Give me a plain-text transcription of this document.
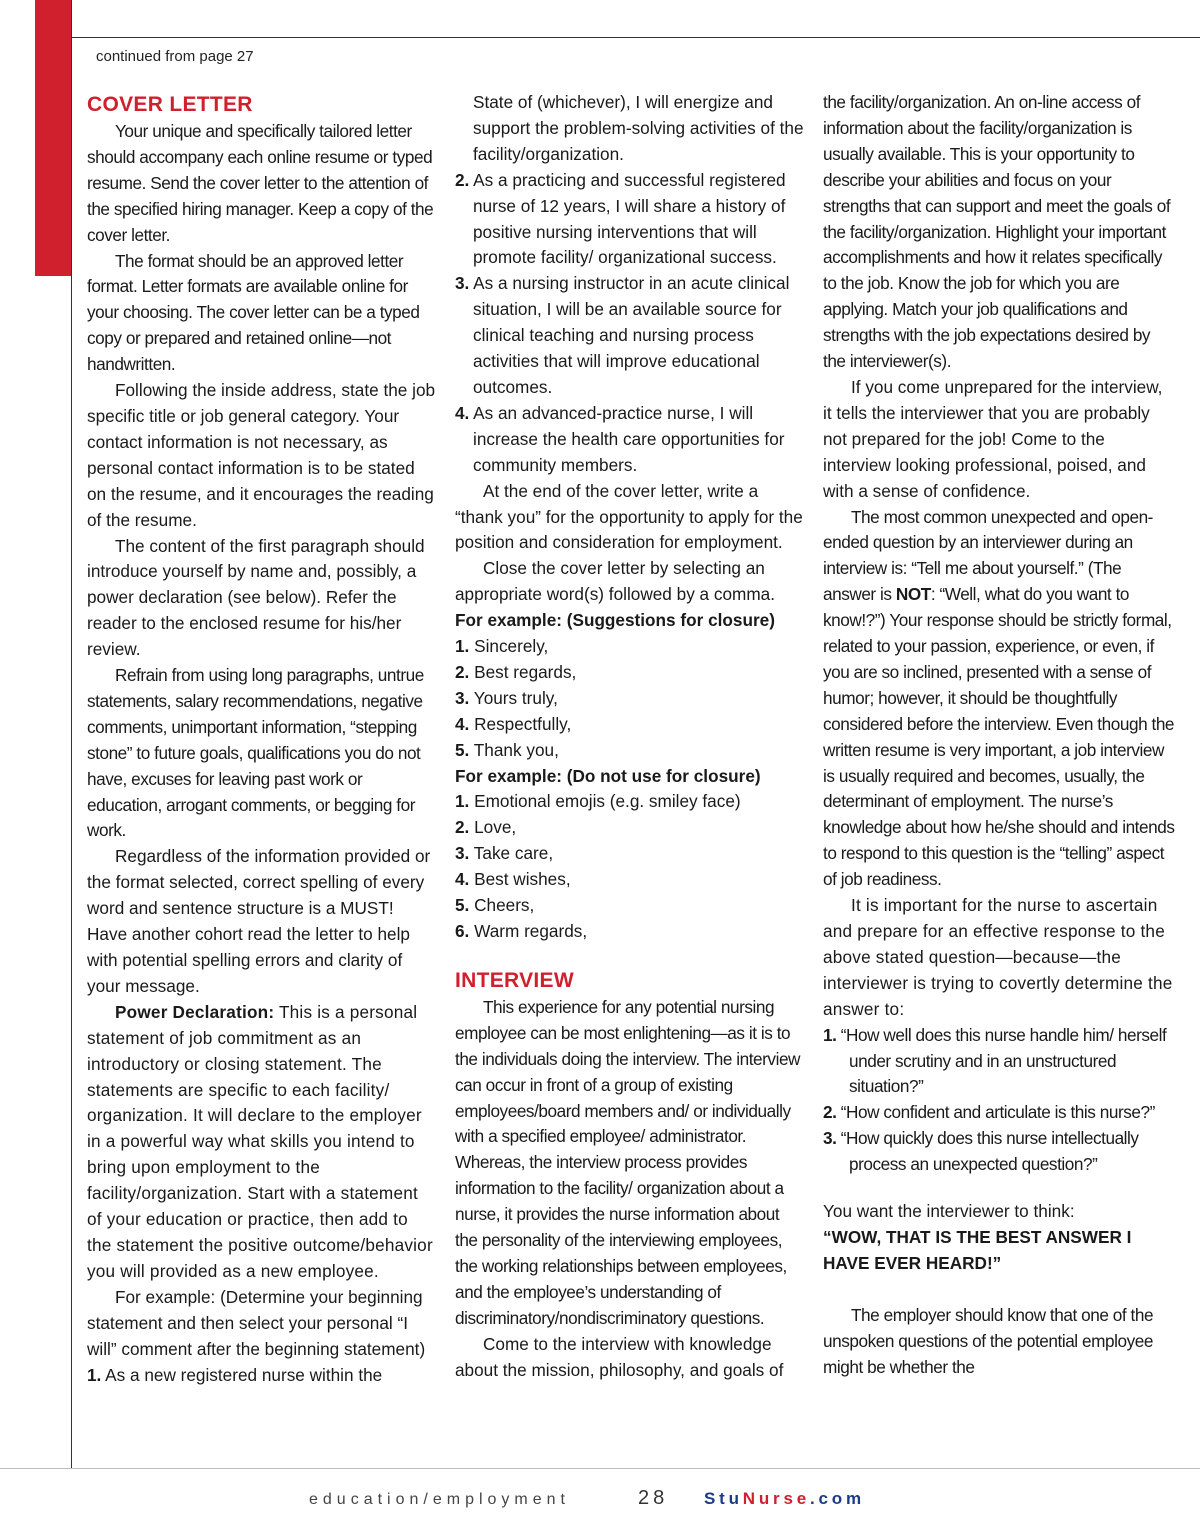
continued from page 27
COVER LETTER

Your unique and specifically tailored letter should accompany each online resume or typed resume. Send the cover letter to the attention of the specified hiring manager. Keep a copy of the cover letter.

The format should be an approved letter format. Letter formats are available online for your choosing. The cover letter can be a typed copy or prepared and retained online—not handwritten.

Following the inside address, state the job specific title or job general category. Your contact information is not necessary, as personal contact information is to be stated on the resume, and it encourages the reading of the resume.

The content of the first paragraph should introduce yourself by name and, possibly, a power declaration (see below). Refer the reader to the enclosed resume for his/her review.

Refrain from using long paragraphs, untrue statements, salary recommendations, negative comments, unimportant information, “stepping stone” to future goals, qualifications you do not have, excuses for leaving past work or education, arrogant comments, or begging for work.

Regardless of the information provided or the format selected, correct spelling of every word and sentence structure is a MUST! Have another cohort read the letter to help with potential spelling errors and clarity of your message.

Power Declaration: This is a personal statement of job commitment as an introductory or closing statement. The statements are specific to each facility/ organization. It will declare to the employer in a powerful way what skills you intend to bring upon employment to the facility/organization. Start with a statement of your education or practice, then add to the statement the positive outcome/behavior you will provided as a new employee.

For example: (Determine your beginning statement and then select your personal “I will” comment after the beginning statement)

1. As a new registered nurse within the

State of (whichever), I will energize and support the problem-solving activities of the facility/organization.

2. As a practicing and successful registered nurse of 12 years, I will share a history of positive nursing interventions that will promote facility/ organizational success.

3. As a nursing instructor in an acute clinical situation, I will be an available source for clinical teaching and nursing process activities that will improve educational outcomes.

4. As an advanced-practice nurse, I will increase the health care opportunities for community members.

At the end of the cover letter, write a “thank you” for the opportunity to apply for the position and consideration for employment.

Close the cover letter by selecting an appropriate word(s) followed by a comma.

For example: (Suggestions for closure)

1. Sincerely,

2. Best regards,

3. Yours truly,

4. Respectfully,

5. Thank you,

For example: (Do not use for closure)

1. Emotional emojis (e.g. smiley face)

2. Love,

3. Take care,

4. Best wishes,

5. Cheers,

6. Warm regards,

INTERVIEW

This experience for any potential nursing employee can be most enlightening—as it is to the individuals doing the interview. The interview can occur in front of a group of existing employees/board members and/ or individually with a specified employee/ administrator. Whereas, the interview process provides information to the facility/ organization about a nurse, it provides the nurse information about the personality of the interviewing employees, the working relationships between employees, and the employee’s understanding of discriminatory/nondiscriminatory questions.

Come to the interview with knowledge about the mission, philosophy, and goals of

the facility/organization. An on-line access of information about the facility/organization is usually available. This is your opportunity to describe your abilities and focus on your strengths that can support and meet the goals of the facility/organization. Highlight your important accomplishments and how it relates specifically to the job. Know the job for which you are applying. Match your job qualifications and strengths with the job expectations desired by the interviewer(s).

If you come unprepared for the interview, it tells the interviewer that you are probably not prepared for the job! Come to the interview looking professional, poised, and with a sense of confidence.

The most common unexpected and open-ended question by an interviewer during an interview is: “Tell me about yourself.” (The answer is NOT: “Well, what do you want to know!?”) Your response should be strictly formal, related to your passion, experience, or even, if you are so inclined, presented with a sense of humor; however, it should be thoughtfully considered before the interview. Even though the written resume is very important, a job interview is usually required and becomes, usually, the determinant of employment. The nurse’s knowledge about how he/she should and intends to respond to this question is the “telling” aspect of job readiness.

It is important for the nurse to ascertain and prepare for an effective response to the above stated question—because—the interviewer is trying to covertly determine the answer to:

1. “How well does this nurse handle him/ herself under scrutiny and in an unstructured situation?”

2. “How confident and articulate is this nurse?”

3. “How quickly does this nurse intellectually process an unexpected question?”

You want the interviewer to think:

“WOW, THAT IS THE BEST ANSWER I HAVE EVER HEARD!”

The employer should know that one of the unspoken questions of the potential employee might be whether the

education/employment	28 StuNurse.com
